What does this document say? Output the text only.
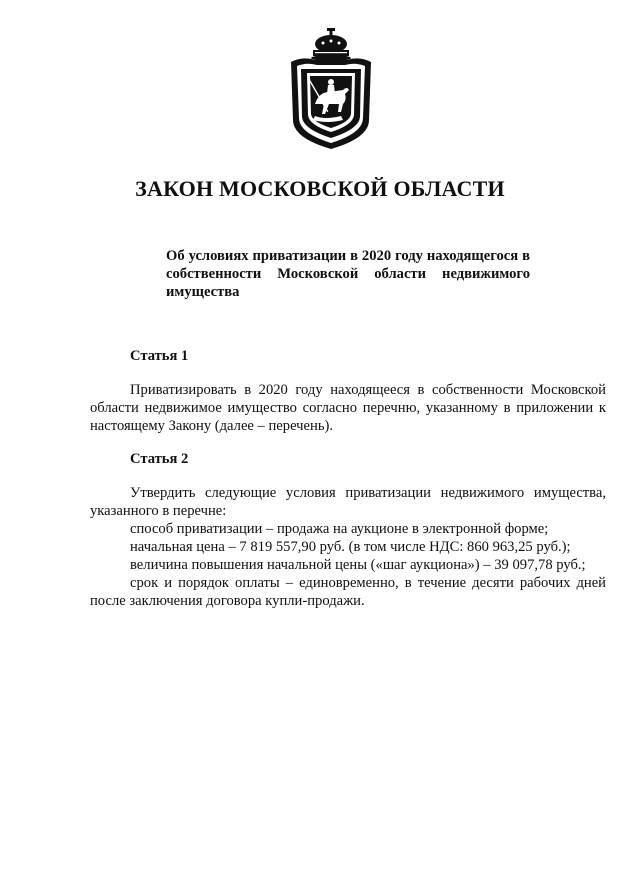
ЗАКОН МОСКОВСКОЙ ОБЛАСТИ

Об условиях приватизации в 2020 году находящегося в собственности Московской области недвижимого имущества

Статья 1

Приватизировать в 2020 году находящееся в собственности Московской области недвижимое имущество согласно перечню, указанному в приложении к настоящему Закону (далее – перечень).

Статья 2
Утвердить следующие условия приватизации недвижимого имущества, указанного в перечне:
способ приватизации – продажа на аукционе в электронной форме;
начальная цена – 7 819 557,90 руб. (в том числе НДС: 860 963,25 руб.);
величина повышения начальной цены («шаг аукциона») – 39 097,78 руб.;
срок и порядок оплаты – единовременно, в течение десяти рабочих дней после заключения договора купли-продажи.
